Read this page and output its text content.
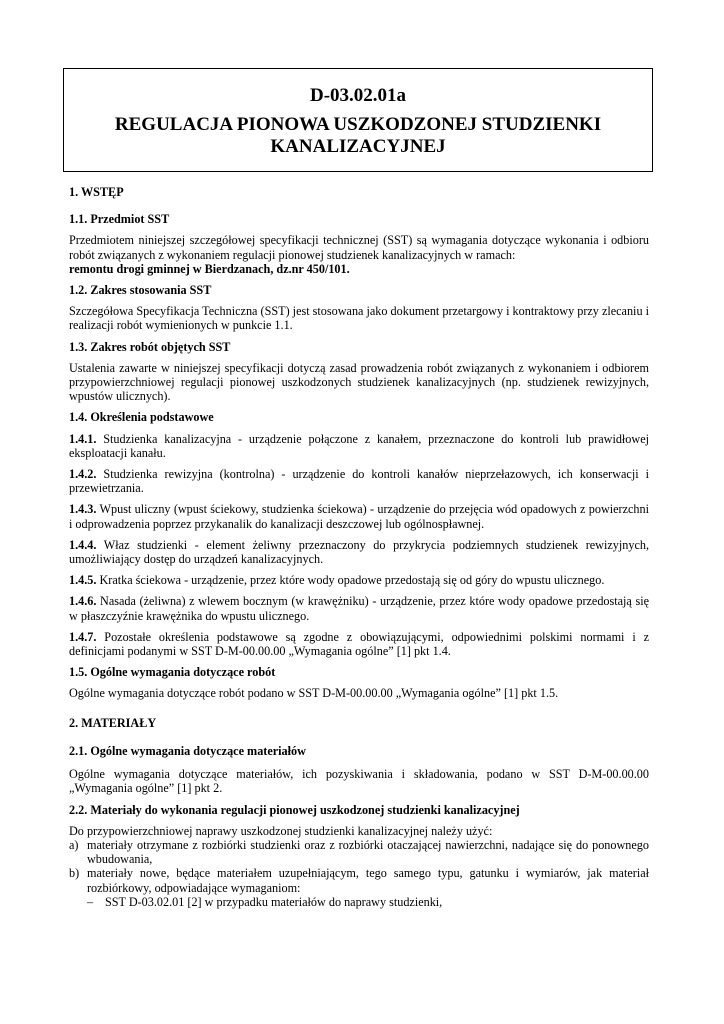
D-03.02.01a
REGULACJA PIONOWA USZKODZONEJ STUDZIENKI
KANALIZACYJNEJ
1. WSTĘP
1.1. Przedmiot SST

Przedmiotem niniejszej szczegółowej specyfikacji technicznej (SST) są wymagania dotyczące wykonania i odbioru robót związanych z wykonaniem regulacji pionowej studzienek kanalizacyjnych w ramach:
remontu drogi gminnej w Bierdzanach, dz.nr 450/101.

1.2. Zakres stosowania SST

Szczegółowa Specyfikacja Techniczna (SST) jest stosowana jako dokument przetargowy i kontraktowy przy zlecaniu i realizacji robót wymienionych w punkcie 1.1.

1.3. Zakres robót objętych SST

Ustalenia zawarte w niniejszej specyfikacji dotyczą zasad prowadzenia robót związanych z wykonaniem i odbiorem przypowierzchniowej regulacji pionowej uszkodzonych studzienek kanalizacyjnych (np. studzienek rewizyjnych, wpustów ulicznych).

1.4. Określenia podstawowe

1.4.1. Studzienka kanalizacyjna - urządzenie połączone z kanałem, przeznaczone do kontroli lub prawidłowej eksploatacji kanału.

1.4.2. Studzienka rewizyjna (kontrolna) - urządzenie do kontroli kanałów nieprzełazowych, ich konserwacji i przewietrzania.

1.4.3. Wpust uliczny (wpust ściekowy, studzienka ściekowa) - urządzenie do przejęcia wód opadowych z powierzchni i odprowadzenia poprzez przykanalik do kanalizacji deszczowej lub ogólnospławnej.

1.4.4. Właz studzienki - element żeliwny przeznaczony do przykrycia podziemnych studzienek rewizyjnych, umożliwiający dostęp do urządzeń kanalizacyjnych.

1.4.5. Kratka ściekowa - urządzenie, przez które wody opadowe przedostają się od góry do wpustu ulicznego.

1.4.6. Nasada (żeliwna) z wlewem bocznym (w krawężniku) - urządzenie, przez które wody opadowe przedostają się w płaszczyźnie krawężnika do wpustu ulicznego.

1.4.7. Pozostałe określenia podstawowe są zgodne z obowiązującymi, odpowiednimi polskimi normami i z definicjami podanymi w SST D-M-00.00.00 „Wymagania ogólne” [1] pkt 1.4.

1.5. Ogólne wymagania dotyczące robót

Ogólne wymagania dotyczące robót podano w SST D-M-00.00.00 „Wymagania ogólne” [1] pkt 1.5.

2. MATERIAŁY
2.1. Ogólne wymagania dotyczące materiałów

Ogólne wymagania dotyczące materiałów, ich pozyskiwania i składowania, podano w SST D-M-00.00.00 „Wymagania ogólne” [1] pkt 2.

2.2. Materiały do wykonania regulacji pionowej uszkodzonej studzienki kanalizacyjnej

Do przypowierzchniowej naprawy uszkodzonej studzienki kanalizacyjnej należy użyć:

a) materiały otrzymane z rozbiórki studzienki oraz z rozbiórki otaczającej nawierzchni, nadające się do ponownego wbudowania,
b) materiały nowe, będące materiałem uzupełniającym, tego samego typu, gatunku i wymiarów, jak materiał rozbiórkowy, odpowiadające wymaganiom:
– SST D-03.02.01 [2] w przypadku materiałów do naprawy studzienki,
